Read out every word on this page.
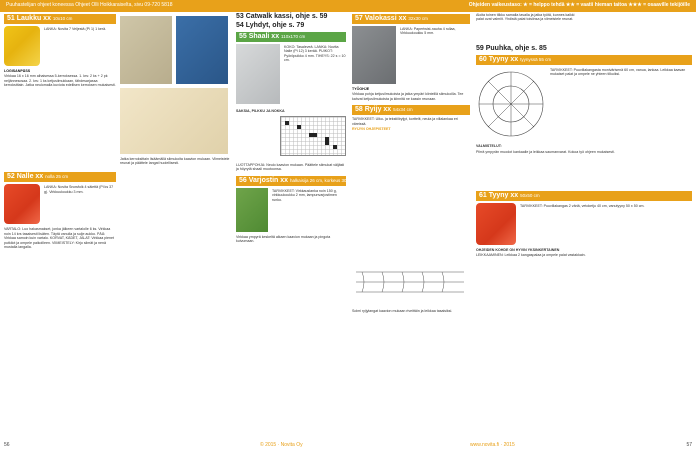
Puuhastelijan ohjeet koneessa Ohjeet Olli Hoikkaraiselta, sivu 09-720 5818	Ohjeiden vaikeustaso: ★ = helppo tehdä ★★ = vaatii hieman taitoa ★★★ = osaaville tekijöille
51 Laukku xx 10x10 cm
LANKA: Novita 7 Veljestä (Pi 1) 1 kerä.
LOGISANPÄSS
Virkkaa 16 x 16 mm alhaisessa 5-kerroksessa. 1. krs: 2 ks + 2 pk neljännesosaa. 2. krs: 1 ks ketjusilmukkaan, tähdesarjassa kerroksittain. Jatka neulomalla kuviota edellisen kerroksen mukaisesti.
52 Nalle xx nolla 25 cm
LANKA: Novita Snowfolk 4 säiettä (Pi ks 37 g). Virkkuukoukku 3 mm.
VARTALO: Luo hakasmakset, jonka jälkeen vartalolle 6 ks. Virkkaa noin 14 krs tasaisesti lisäten. Täytä vanulla ja sulje aukko. PÄÄ: Virkkaa samoin kuin vartalo. KORVAT, KÄDET, JALAT: Virkkaa pienet putkilot ja ompele paikoilleen. VIIMEISTELY: Kirjo silmät ja nenä mustalla langalla.
Jatka kerroksittain lisäämällä silmukoita kaavion mukaan. Viimeistele reunat ja päättele langat huolellisesti.
53 Catwalk kassi, ohje s. 59
54 Lyhdyt, ohje s. 79
55 Shaali xx 110x170 cm
KOKO: Tasaleveä. LANKA: Novita Nalle (Pi 12) 3 kerää. PUIKOT: Pyöröpuikko 4 mm. TIHEYS: 22 s = 10 cm.
SAKSIA, PILKKU JA NOKKA
LUOTTAPPOHJA: Neulo kaavion mukaan. Päättele silmukat väljästi ja höyrytä shaali muotoonsa.
56 Varjostin xx halkaisija 26 cm, korkeus 30 cm
TARVIKKEET: Virkkauslanka noin 150 g, virkkuukoukku 2 mm, lampunvarjostimen runko.
Virkkaa ympyrä keskeltä alkaen kaavion mukaan ja pingota kuivumaan.
57 Valokassi xx 32x30 cm
LANKA: Papertwist-nauha 4 rullaa, Virkkuukoukku 5 mm.
TYÖOHJE
Virkkaa pohja ketjusilmukoista ja jatka ympäri kiinteillä silmukoilla. Tee kahvat ketjusilmukoista ja kiinnitä ne kassin reunaan.
58 Ryijy xx 54x34 cm
TARVIKKEET: Ulko- ja tekstiiliryijyt, korttelit, neula ja villalankaa eri väreissä.
RYIJYN OHJEPISTEET
Solmi ryijylangat kaavion mukaan riveittäin ja leikkaa tasaisiksi.
Aloita toinen tilkku samalla tavalla ja jatka työtä, kunnes kaikki palat ovat valmiit. Yhdistä palat toisiinsa ja viimeistele reunat.
59 Puuhka, ohje s. 85
60 Tyyny xx tyynyssä 55 cm
TARVIKKEET: Puuvillakangasta monivärisenä 60 cm, vanua, lankaa. Leikkaa kaavan mukaiset palat ja ompele ne yhteen tilkuiksi.
VALMISTELUT:
Piirrä ympyrän muodot kankaalle ja leikkaa saumanvarat. Kokoa työ ohjeen mukaisesti.
61 Tyyny xx 50x50 cm
TARVIKKEET: Puuvillakangas 2 väriä, vetoketju 40 cm, vanutyyny 50 x 50 cm.
OHJEIDEN KOHDE ON HYVIN YKSINKERTAINEN
LEIKKAAMINEN: Leikkaa 2 kangaspalaa ja ompele palat vastakkain.
56	© 2015 · Novita Oy	www.novita.fi · 2015	57
